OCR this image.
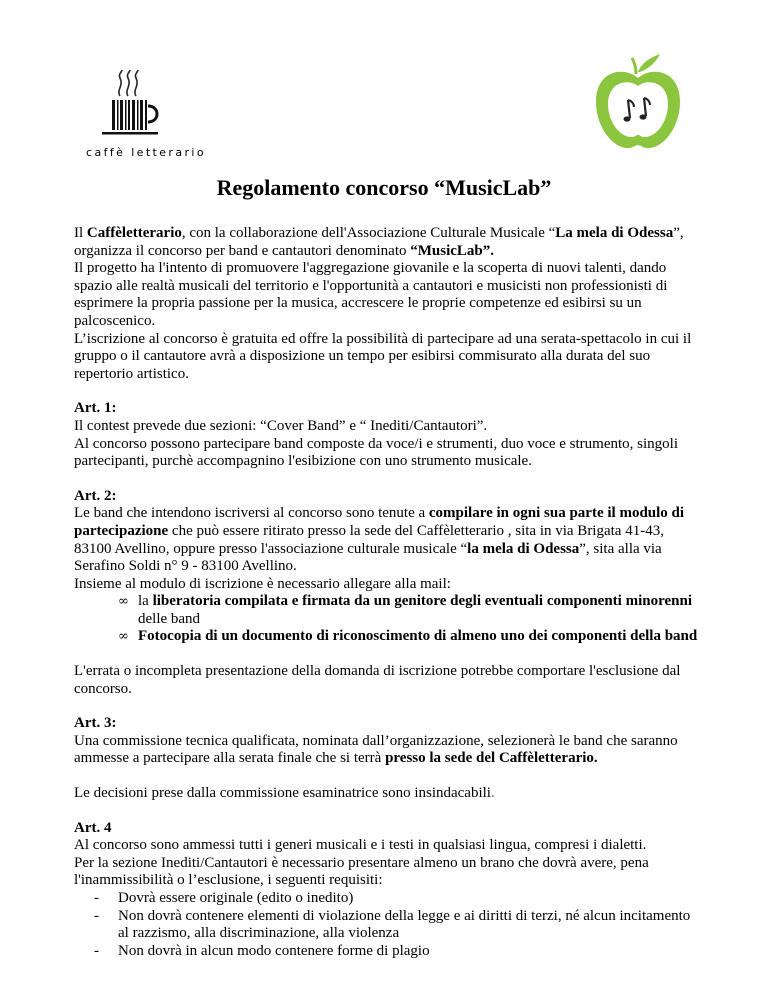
caffè letterario
Regolamento concorso “MusicLab”

Il Caffèletterario, con la collaborazione dell'Associazione Culturale Musicale “La mela di Odessa”, organizza il concorso per band e cantautori denominato “MusicLab”.

Il progetto ha l'intento di promuovere l'aggregazione giovanile e la scoperta di nuovi talenti, dando spazio alle realtà musicali del territorio e l'opportunità a cantautori e musicisti non professionisti di esprimere la propria passione per la musica, accrescere le proprie competenze ed esibirsi su un palcoscenico.

L’iscrizione al concorso è gratuita ed offre la possibilità di partecipare ad una serata-spettacolo in cui il gruppo o il cantautore avrà a disposizione un tempo per esibirsi commisurato alla durata del suo repertorio artistico.

Art. 1:

Il contest prevede due sezioni: “Cover Band” e “ Inediti/Cantautori”.

Al concorso possono partecipare band composte da voce/i e strumenti, duo voce e strumento, singoli partecipanti, purchè accompagnino l'esibizione con uno strumento musicale.

Art. 2:

Le band che intendono iscriversi al concorso sono tenute a compilare in ogni sua parte il modulo di partecipazione che può essere ritirato presso la sede del Caffèletterario , sita in via Brigata 41-43, 83100 Avellino, oppure presso l'associazione culturale musicale “la mela di Odessa”, sita alla via Serafino Soldi n° 9 - 83100 Avellino.

Insieme al modulo di iscrizione è necessario allegare alla mail:

∞ la liberatoria compilata e firmata da un genitore degli eventuali componenti minorenni delle band
∞ Fotocopia di un documento di riconoscimento di almeno uno dei componenti della band

L'errata o incompleta presentazione della domanda di iscrizione potrebbe comportare l'esclusione dal concorso.

Art. 3:

Una commissione tecnica qualificata, nominata dall’organizzazione, selezionerà le band che saranno ammesse a partecipare alla serata finale che si terrà presso la sede del Caffèletterario.

Le decisioni prese dalla commissione esaminatrice sono insindacabili.

Art. 4

Al concorso sono ammessi tutti i generi musicali e i testi in qualsiasi lingua, compresi i dialetti.

Per la sezione Inediti/Cantautori è necessario presentare almeno un brano che dovrà avere, pena l'inammissibilità o l’esclusione, i seguenti requisiti:

- Dovrà essere originale (edito o inedito)
- Non dovrà contenere elementi di violazione della legge e ai diritti di terzi, né alcun incitamento al razzismo, alla discriminazione, alla violenza
- Non dovrà in alcun modo contenere forme di plagio
